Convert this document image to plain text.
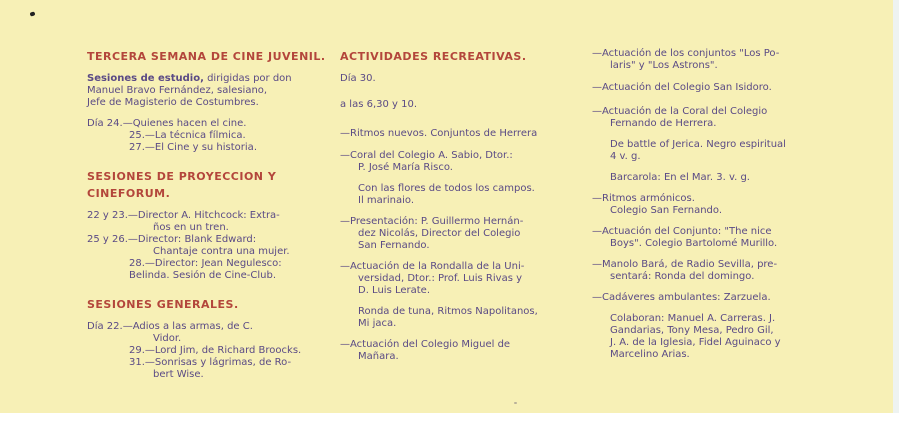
TERCERA SEMANA DE CINE JUVENIL.
Sesiones de estudio, dirigidas por don
Manuel Bravo Fernández, salesiano,
Jefe de Magisterio de Costumbres.
Día 24.—Quienes hacen el cine.
25.—La técnica fílmica.
27.—El Cine y su historia.
SESIONES DE PROYECCION Y
CINEFORUM.
22 y 23.—Director A. Hitchcock: Extra-
ños en un tren.
25 y 26.—Director: Blank Edward:
Chantaje contra una mujer.
28.—Director: Jean Negulesco:
Belinda. Sesión de Cine-Club.
SESIONES GENERALES.
Día 22.—Adios a las armas, de C.
Vidor.
29.—Lord Jim, de Richard Broocks.
31.—Sonrisas y lágrimas, de Ro-
bert Wise.
ACTIVIDADES RECREATIVAS.
Día 30.
a las 6,30 y 10.
—Ritmos nuevos. Conjuntos de Herrera
—Coral del Colegio A. Sabio, Dtor.:
P. José María Risco.
Con las flores de todos los campos.
Il marinaio.
—Presentación: P. Guillermo Hernán-
dez Nicolás, Director del Colegio
San Fernando.
—Actuación de la Rondalla de la Uni-
versidad, Dtor.: Prof. Luis Rivas y
D. Luis Lerate.
Ronda de tuna, Ritmos Napolitanos,
Mi jaca.
—Actuación del Colegio Miguel de
Mañara.
—Actuación de los conjuntos "Los Po-
laris" y "Los Astrons".
—Actuación del Colegio San Isidoro.
—Actuación de la Coral del Colegio
Fernando de Herrera.
De battle of Jerica. Negro espiritual
4 v. g.
Barcarola: En el Mar. 3. v. g.
—Ritmos armónicos.
Colegio San Fernando.
—Actuación del Conjunto: "The nice
Boys". Colegio Bartolomé Murillo.
—Manolo Bará, de Radio Sevilla, pre-
sentará: Ronda del domingo.
—Cadáveres ambulantes: Zarzuela.
Colaboran: Manuel A. Carreras. J.
Gandarias, Tony Mesa, Pedro Gil,
J. A. de la Iglesia, Fidel Aguinaco y
Marcelino Arias.
